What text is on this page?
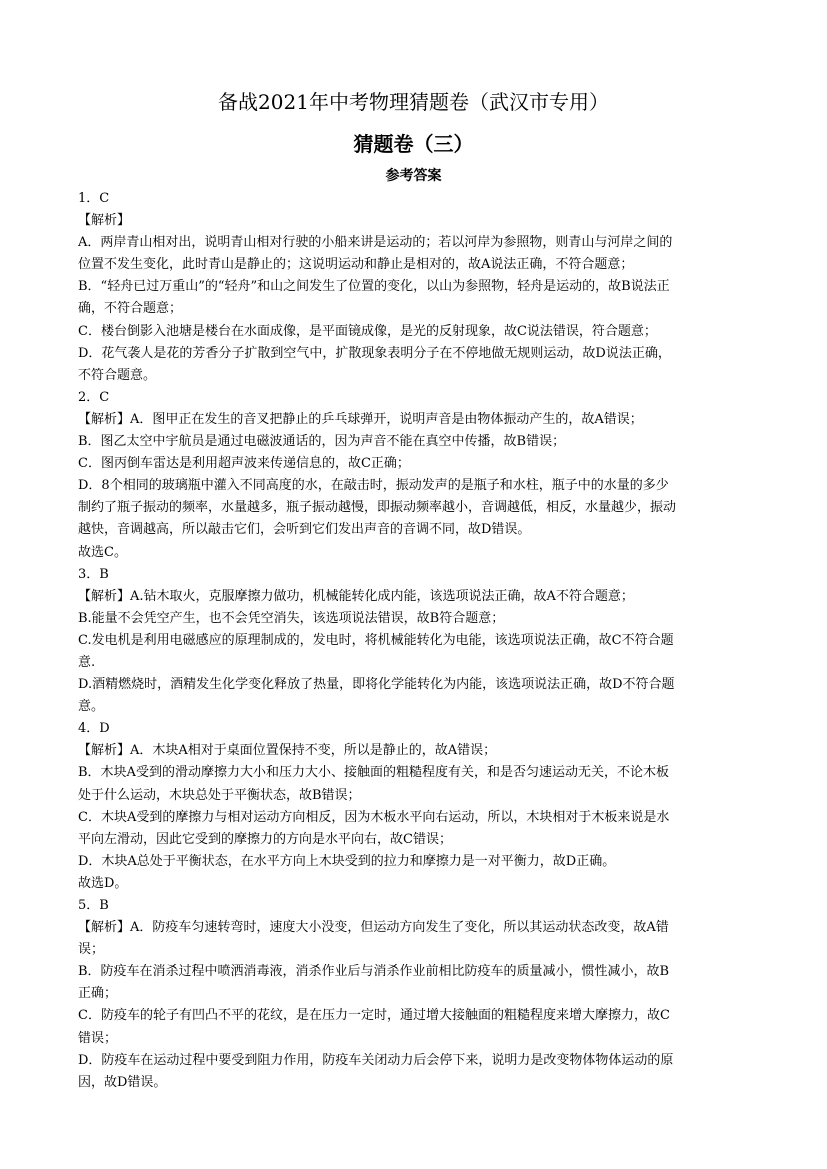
备战2021年中考物理猜题卷（武汉市专用）
猜题卷（三）
参考答案
1．C
【解析】
A．两岸青山相对出，说明青山相对行驶的小船来讲是运动的；若以河岸为参照物，则青山与河岸之间的
位置不发生变化，此时青山是静止的；这说明运动和静止是相对的，故A说法正确，不符合题意；
B．“轻舟已过万重山”的“轻舟”和山之间发生了位置的变化，以山为参照物，轻舟是运动的，故B说法正
确，不符合题意；
C．楼台倒影入池塘是楼台在水面成像，是平面镜成像，是光的反射现象，故C说法错误，符合题意；
D．花气袭人是花的芳香分子扩散到空气中，扩散现象表明分子在不停地做无规则运动，故D说法正确，
不符合题意。
2．C
【解析】A．图甲正在发生的音叉把静止的乒乓球弹开，说明声音是由物体振动产生的，故A错误；
B．图乙太空中宇航员是通过电磁波通话的，因为声音不能在真空中传播，故B错误；
C．图丙倒车雷达是利用超声波来传递信息的，故C正确；
D．8个相同的玻璃瓶中灌入不同高度的水，在敲击时，振动发声的是瓶子和水柱，瓶子中的水量的多少
制约了瓶子振动的频率，水量越多，瓶子振动越慢，即振动频率越小，音调越低，相反，水量越少，振动
越快，音调越高，所以敲击它们，会听到它们发出声音的音调不同，故D错误。
故选C。
3．B
【解析】A.钻木取火，克服摩擦力做功，机械能转化成内能，该选项说法正确，故A不符合题意；
B.能量不会凭空产生，也不会凭空消失，该选项说法错误，故B符合题意；
C.发电机是利用电磁感应的原理制成的，发电时，将机械能转化为电能，该选项说法正确，故C不符合题
意.
D.酒精燃烧时，酒精发生化学变化释放了热量，即将化学能转化为内能，该选项说法正确，故D不符合题
意。
4．D
【解析】A．木块A相对于桌面位置保持不变，所以是静止的，故A错误；
B．木块A受到的滑动摩擦力大小和压力大小、接触面的粗糙程度有关，和是否匀速运动无关，不论木板
处于什么运动，木块总处于平衡状态，故B错误；
C．木块A受到的摩擦力与相对运动方向相反，因为木板水平向右运动，所以，木块相对于木板来说是水
平向左滑动，因此它受到的摩擦力的方向是水平向右，故C错误；
D．木块A总处于平衡状态，在水平方向上木块受到的拉力和摩擦力是一对平衡力，故D正确。
故选D。
5．B
【解析】A．防疫车匀速转弯时，速度大小没变，但运动方向发生了变化，所以其运动状态改变，故A错
误；
B．防疫车在消杀过程中喷洒消毒液，消杀作业后与消杀作业前相比防疫车的质量减小，惯性减小，故B
正确；
C．防疫车的轮子有凹凸不平的花纹，是在压力一定时，通过增大接触面的粗糙程度来增大摩擦力，故C
错误；
D．防疫车在运动过程中要受到阻力作用，防疫车关闭动力后会停下来，说明力是改变物体物体运动的原
因，故D错误。
